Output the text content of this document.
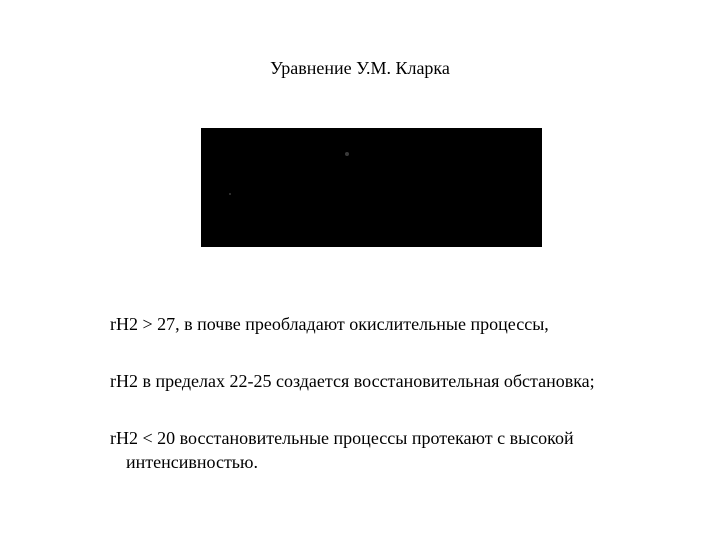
Уравнение У.М. Кларка
rH2 > 27, в почве преобладают окислительные процессы,
rH2 в пределах 22-25 создается восстановительная обстановка;
rH2 < 20 восстановительные процессы протекают с высокой интенсивностью.
